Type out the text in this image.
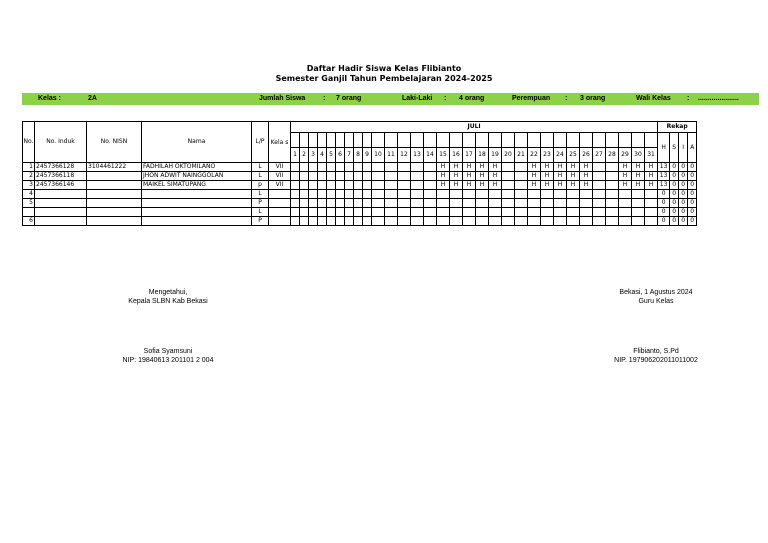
Daftar Hadir Siswa Kelas Flibianto
Semester Ganjil Tahun Pembelajaran 2024-2025
Kelas :	2A	Jumlah Siswa	: 7 orang	Laki-Laki : 4 orang	Perempuan : 3 orang	Wali Kelas : .....................
No.	No. Induk	No. NISN	Nama	L/P	Kela s	JULI																															Rekap			
																																					H	S	I	A
						1	2	3	4	5	6	7	8	9	10	11	12	13	14	15	16	17	18	19	20	21	22	23	24	25	26	27	28	29	30	31				
1	2457366128	3104461222	FADHILAH OKTOMILANO	L	VII															H	H	H	H	H			H	H	H	H	H			H	H	H	13	0	0	0
2	2457366118		JHON ADWIT NAINGGOLAN	L	VII															H	H	H	H	H			H	H	H	H	H			H	H	H	13	0	0	0
3	2457366146		MAIKEL SIMATUPANG	p	VII															H	H	H	H	H			H	H	H	H	H			H	H	H	13	0	0	0
4				L																																	0	0	0	0
5				P																																	0	0	0	0
				L																																	0	0	0	0
6				P																																	0	0	0	0
Mengetahui,
Kepala SLBN Kab Bekasi
Sofia Syamsuni
NIP: 19840613 201101 2 004
Bekasi, 1 Agustus 2024
Guru Kelas
Flibianto, S.Pd
NIP. 197906202011011002
